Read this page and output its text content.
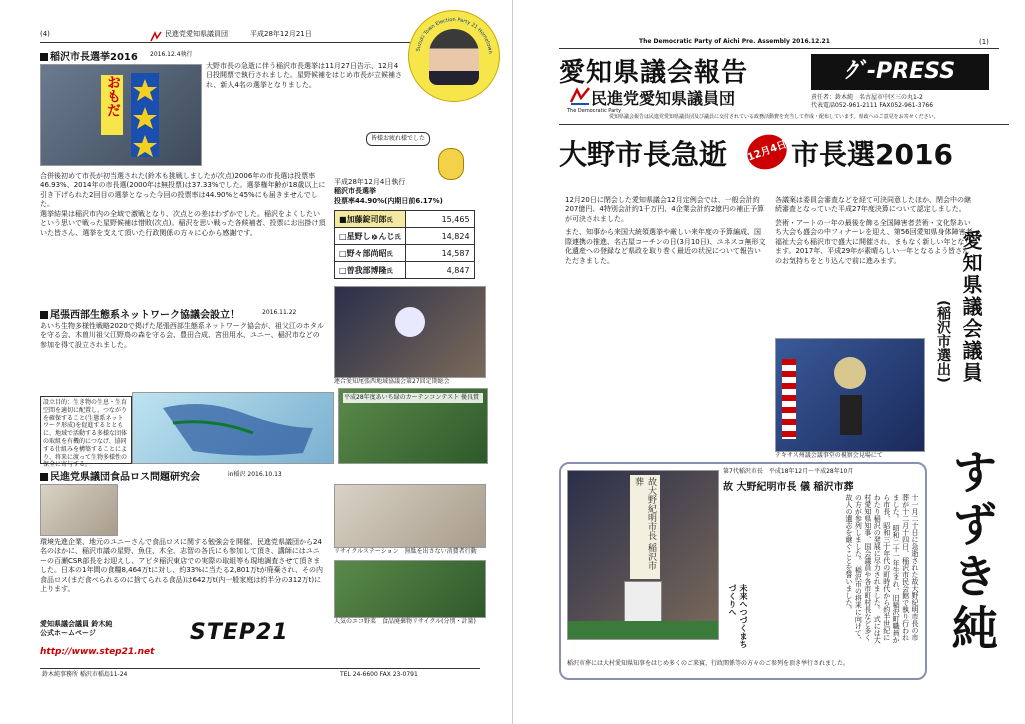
(4)	民進党愛知県議員団	平成28年12月21日
Suzuki Town Election Party 21 Hometown
稲沢市長選挙2016 2016.12.4執行
おもだ
大野市長の急逝に伴う稲沢市長選挙は11月27日告示、12月4日投開票で執行されました。星野候補をはじめ市長が立候補され、新人4名の選挙となりました。
合併後初めて市長が初当選された(鈴木も挑戦しましたが次点)2006年の市長選は投票率46.93%、2014年の市長選(2000年は無投票)は37.33%でした。選挙権年齢が18歳以上に引き下げられた2回目の選挙となった今回の投票率は44.90%と45%にも届きませんでした。
選挙結果は稲沢市内の全域で激戦となり、次点との差はわずかでした。稲沢をよくしたいという思いで戦った星野候補は惜敗(次点)。稲沢を思い戦った各候補者、投票にお出掛け頂いた皆さん、選挙を支えて頂いた行政関係の方々に心から感謝です。
皆様お疲れ様でした
平成28年12月4日執行
稲沢市長選挙
投票率44.90%(内期日前6.17%)
■加藤錠司郎氏	15,465
□星野しゅんじ氏	14,824
□野々部尚昭氏	14,587
□曽我部博隆氏	4,847
連合愛知尾張西地域協議会第27回定期総会
尾張西部生態系ネットワーク協議会設立！	2016.11.22
あいち生物多様性戦略2020で掲げた尾張西部生態系ネットワーク協会が、祖父江のホタルを守る会、木曽川祖父江野鳥の森を守る会、豊田合成、宮田用水、ユニー、稲沢市などの参加を得て設立されました。
設立目的：生き物の生息・生育空間を適切に配置し、つながりを確保すること(生態系ネットワーク形成)を促進するとともに、地域で活動する多様な団体の取組を有機的につなげ、協同する仕組みを構築することにより、将来に渡って生物多様性の保全に寄与する。
平成28年度あいち緑のカーテンコンテスト 優良賞
民進党県議団食品ロス問題研究会	in稲沢 2016.10.13
環境先進企業、地元のユニーさんで食品ロスに関する勉強会を開催、民進党県議団から24名のほかに、稲沢市議の星野、魚住、木全、志智の各氏にも参加して頂き、講師にはユニーの百瀬CSR部長をお迎えし、アピタ稲沢東店での実際の取組等も現地調査させて頂きました。日本の1年間の食糧8,464万tに対し、約33%に当たる2,801万tが廃棄され、その内食品ロス(まだ食べられるのに捨てられる食品)は642万t(内一般家庭は約半分の312万t)に上ります。
リサイクルステーション　無駄を出さない消費者行動
人気のエコ野菜　食品廃棄物リサイクル(分別・計量)
愛知県議会議員 鈴木純
公式ホームページ
http://www.step21.net
STEP21
鈴木純事務所 稲沢市稲島11-24	TEL 24-6600 FAX 23-0791
The Democratic Party of Aichi Pre. Assembly 2016.12.21	(1)
愛知県議会報告
民進党愛知県議員団
The Democratic Party
ｸﾞ-PRESS
責任者：鈴木純　名古屋市中区三の丸1-2
代表電話052-961-2111 FAX052-961-3766
愛知県議会報告は民進党愛知県議員団及び議員に交付されている政務活動費を充当して作成・配布しています。県政へのご意見をお寄せください。
大野市長急逝	12月4日 市長選2016

12月20日に閉会した愛知県議会12月定例会では、一般会計約207億円、4特別会計約1千万円、4企業会計約2億円の補正予算が可決されました。

また、知事から来国大統領選挙や厳しい来年度の予算編成、国際連携の推進、名古屋コーチンの日(3月10日)、ユネスコ無形文化遺産への登録など県政を取り巻く最近の状況について報告いただきました。

各議案は委員会審査などを経て可決同意したほか、閉会中の継続審査となっていた平成27年度決算について認定しました。

芸術・アートの一年の最後を飾る全国障害者芸術・文化祭あいち大会も盛会の中フィナーレを迎え、第56回愛知県身体障害者福祉大会も稲沢市で盛大に開催され、まもなく新しい年となります。2017年、平成29年が素晴らしい一年となるよう皆さんのお気持ちをとり込んで前に進みます。

テキサス州議会議事堂の視察会見場にて
愛知県議会議員
(稲沢市選出)
すずき純
故大野紀明市長 稲沢市葬
第7代稲沢市長　平成18年12月〜平成28年10月
故 大野紀明市長 儀 稲沢市葬
十一月二十日に急逝された故大野紀明市長の市葬が十二月十四日、稲沢市民会館で執り行われました。 昭和二十一年生まれ、旧稲沢町職員から市長、昭和三十年代の町時代から約半世紀にわたり稲沢の発展に尽力されました。 式には大村愛知県知事、国会議員や各市町村長など多くの方が参列しました。 稲沢市の将来に向けて、故人の遺志を継ぐことを誓いました。
未来へつづくまちづくりへ
稲沢市葬には大村愛知県知事をはじめ多くのご来賓、行政関係等の方々のご参列を頂き挙行されました。
